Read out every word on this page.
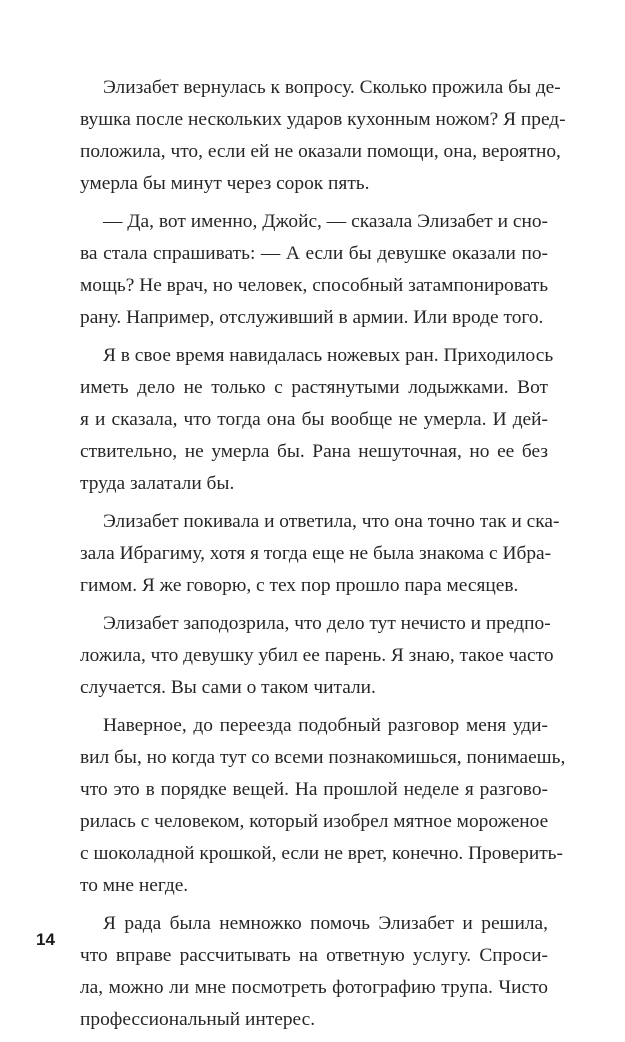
Элизабет вернулась к вопросу. Сколько прожила бы де-
вушка после нескольких ударов кухонным ножом? Я пред-
положила, что, если ей не оказали помощи, она, вероятно,
умерла бы минут через сорок пять.
— Да, вот именно, Джойс, — сказала Элизабет и сно-
ва стала спрашивать: — А если бы девушке оказали по-
мощь? Не врач, но человек, способный затампонировать
рану. Например, отслуживший в армии. Или вроде того.
Я в свое время навидалась ножевых ран. Приходилось
иметь дело не только с растянутыми лодыжками. Вот
я и сказала, что тогда она бы вообще не умерла. И дей-
ствительно, не умерла бы. Рана нешуточная, но ее без
труда залатали бы.
Элизабет покивала и ответила, что она точно так и ска-
зала Ибрагиму, хотя я тогда еще не была знакома с Ибра-
гимом. Я же говорю, с тех пор прошло пара месяцев.
Элизабет заподозрила, что дело тут нечисто и предпо-
ложила, что девушку убил ее парень. Я знаю, такое часто
случается. Вы сами о таком читали.
Наверное, до переезда подобный разговор меня уди-
вил бы, но когда тут со всеми познакомишься, понимаешь,
что это в порядке вещей. На прошлой неделе я разгово-
рилась с человеком, который изобрел мятное мороженое
с шоколадной крошкой, если не врет, конечно. Проверить-
то мне негде.
Я рада была немножко помочь Элизабет и решила,
что вправе рассчитывать на ответную услугу. Спроси-
ла, можно ли мне посмотреть фотографию трупа. Чисто
профессиональный интерес.
14
